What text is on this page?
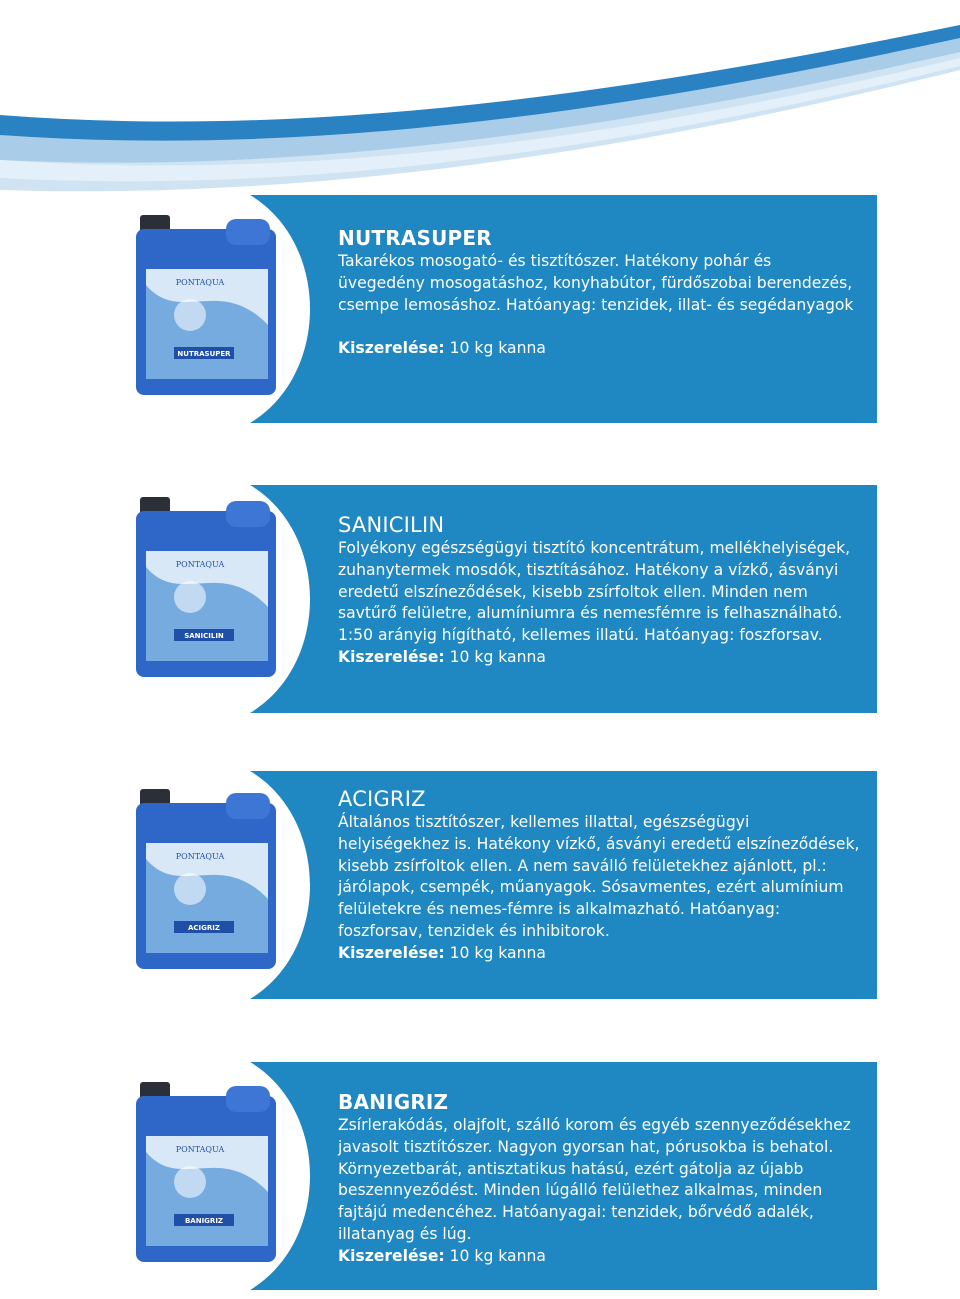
NUTRASUPER
PONTAQUA
NUTRASUPER
Takarékos mosogató- és tisztítószer. Hatékony pohár és üvegedény mosogatáshoz, konyhabútor, fürdőszobai berendezés, csempe lemosáshoz. Hatóanyag: tenzidek, illat- és segédanyagok
Kiszerelése: 10 kg kanna
SANICILIN
PONTAQUA
SANICILIN
Folyékony egészségügyi tisztító koncentrátum, mellékhelyiségek, zuhanytermek mosdók, tisztításához. Hatékony a vízkő, ásványi eredetű elszíneződések, kisebb zsírfoltok ellen. Minden nem savtűrő felületre, alumíniumra és nemesfémre is felhasználható. 1:50 arányig hígítható, kellemes illatú. Hatóanyag: foszforsav.
Kiszerelése: 10 kg kanna
ACIGRIZ
PONTAQUA
ACIGRIZ
Általános tisztítószer, kellemes illattal, egészségügyi helyiségekhez is. Hatékony vízkő, ásványi eredetű elszíneződések, kisebb zsírfoltok ellen. A nem saválló felületekhez ajánlott, pl.: járólapok, csempék, műanyagok. Sósavmentes, ezért alumínium felületekre és nemes-fémre is alkalmazható. Hatóanyag: foszforsav, tenzidek és inhibitorok.
Kiszerelése: 10 kg kanna
BANIGRIZ
PONTAQUA
BANIGRIZ
Zsírlerakódás, olajfolt, szálló korom és egyéb szennyeződésekhez javasolt tisztítószer. Nagyon gyorsan hat, pórusokba is behatol. Környezetbarát, antisztatikus hatású, ezért gátolja az újabb beszennyeződést. Minden lúgálló felülethez alkalmas, minden fajtájú medencéhez. Hatóanyagai: tenzidek, bőrvédő adalék, illatanyag és lúg.
Kiszerelése: 10 kg kanna
